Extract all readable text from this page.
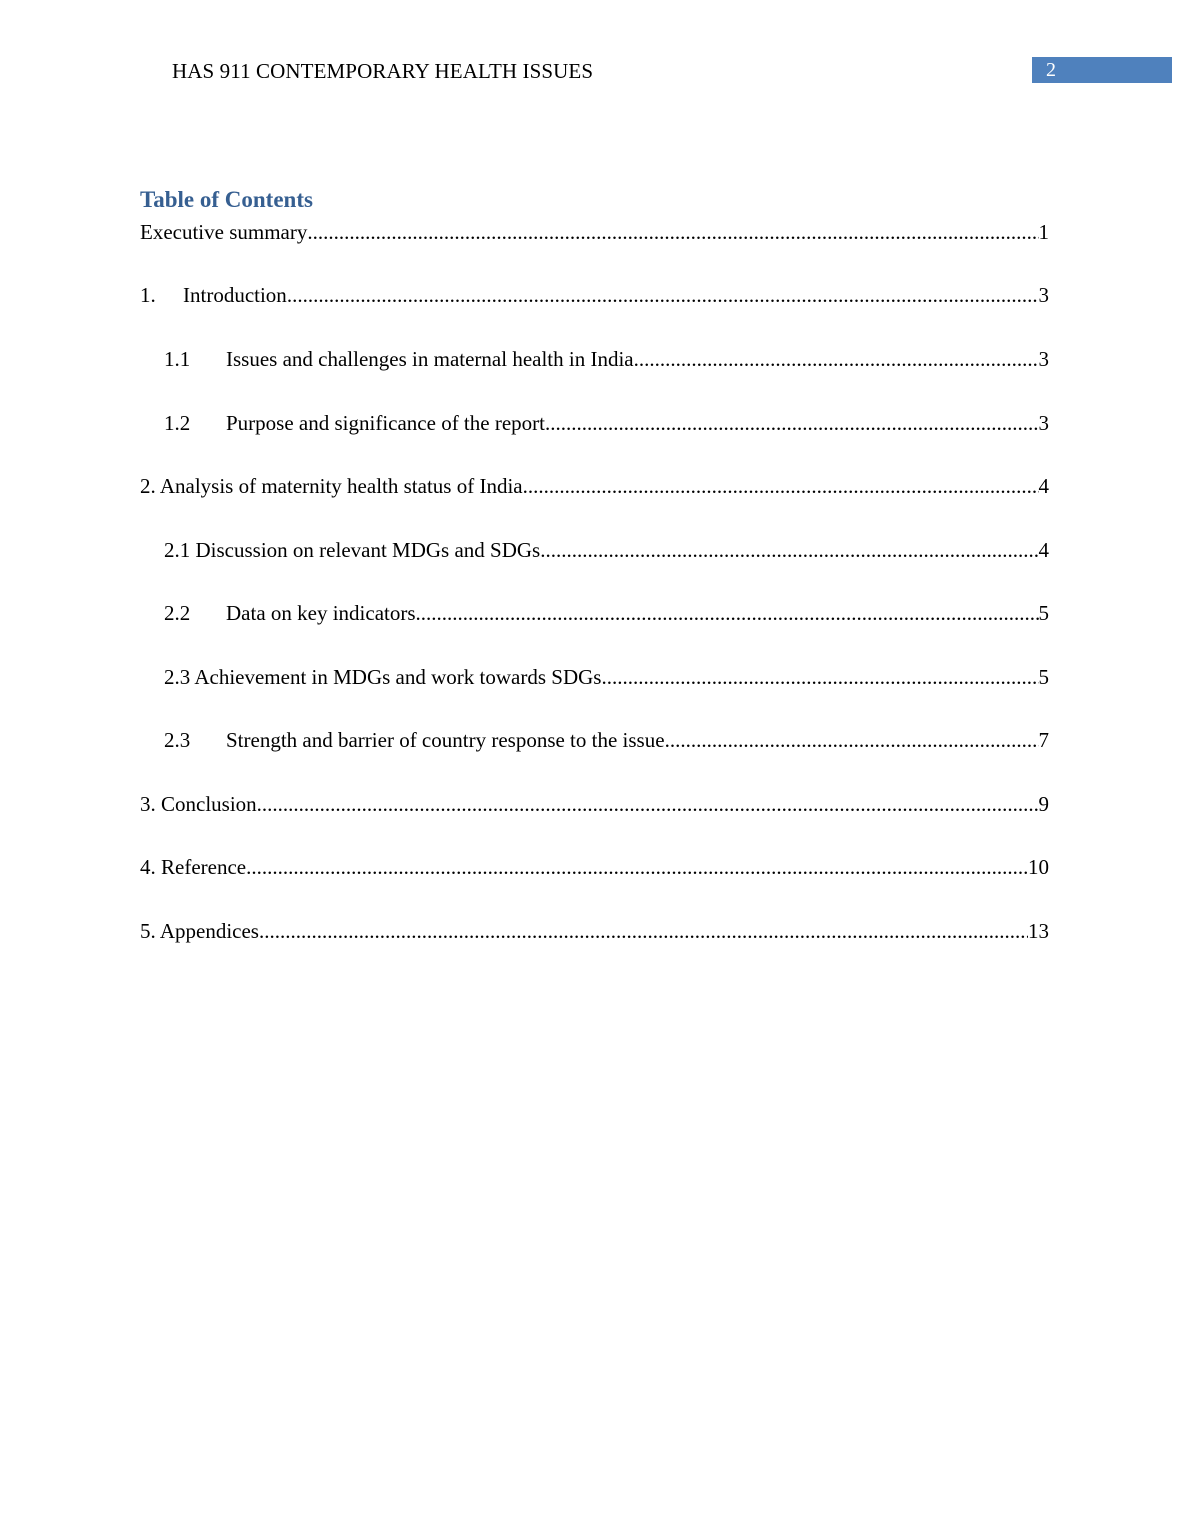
HAS 911 CONTEMPORARY HEALTH ISSUES	2
Table of Contents
Executive summary .....	1
1.	Introduction .....	3
1.1	Issues and challenges in maternal health in India .....	3
1.2	Purpose and significance of the report .....	3
2. Analysis of maternity health status of India .....	4
2.1 Discussion on relevant MDGs and SDGs .....	4
2.2	Data on key indicators .....	5
2.3 Achievement in MDGs and work towards SDGs .....	5
2.3	Strength and barrier of country response to the issue .....	7
3. Conclusion .....	9
4. Reference .....	10
5. Appendices .....	13
